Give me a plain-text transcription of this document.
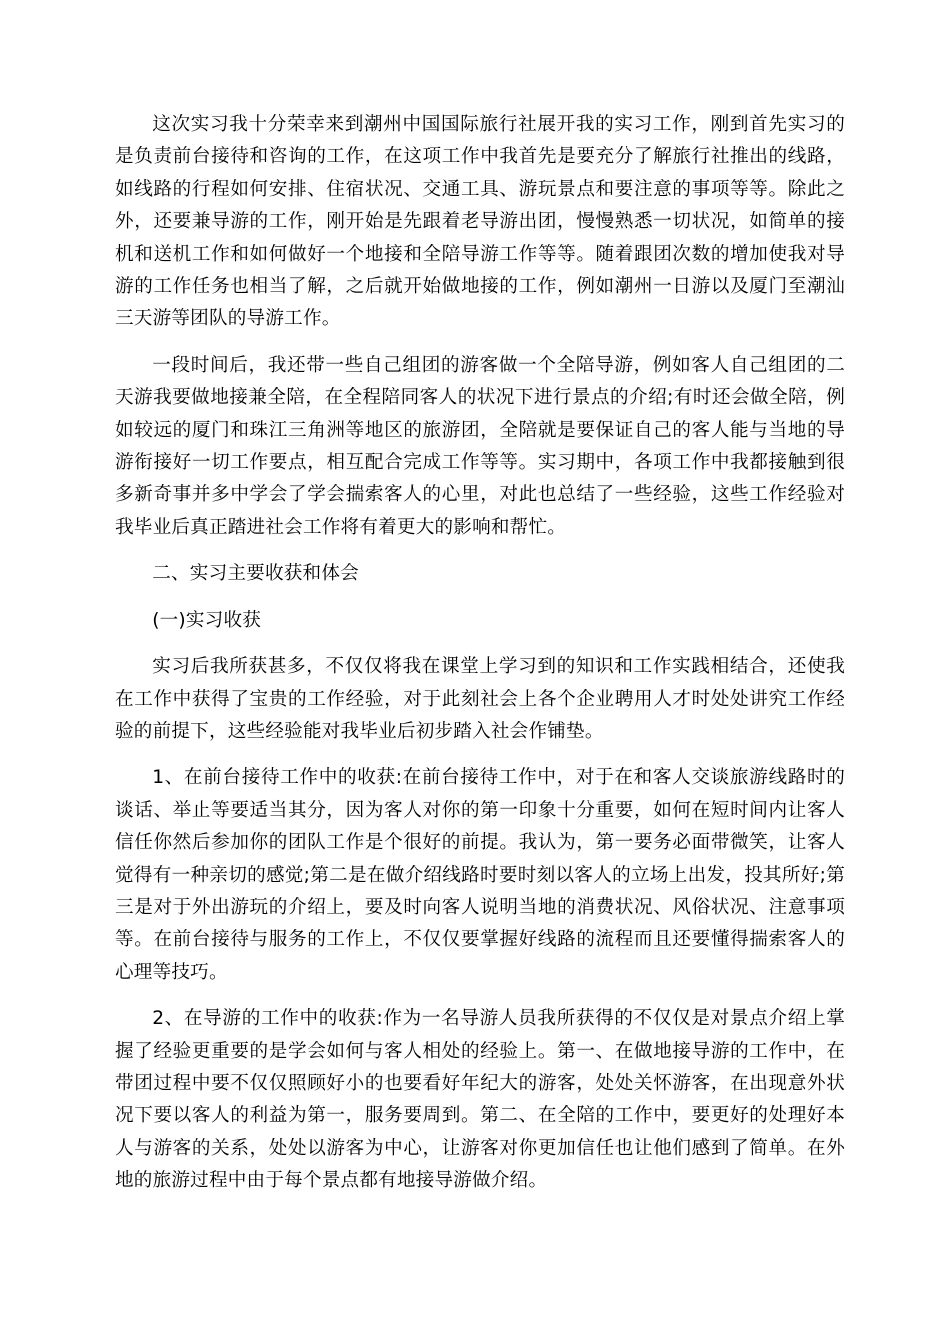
这次实习我十分荣幸来到潮州中国国际旅行社展开我的实习工作，刚到首先实习的是负责前台接待和咨询的工作，在这项工作中我首先是要充分了解旅行社推出的线路，如线路的行程如何安排、住宿状况、交通工具、游玩景点和要注意的事项等等。除此之外，还要兼导游的工作，刚开始是先跟着老导游出团，慢慢熟悉一切状况，如简单的接机和送机工作和如何做好一个地接和全陪导游工作等等。随着跟团次数的增加使我对导游的工作任务也相当了解，之后就开始做地接的工作，例如潮州一日游以及厦门至潮汕三天游等团队的导游工作。

一段时间后，我还带一些自己组团的游客做一个全陪导游，例如客人自己组团的二天游我要做地接兼全陪，在全程陪同客人的状况下进行景点的介绍;有时还会做全陪，例如较远的厦门和珠江三角洲等地区的旅游团，全陪就是要保证自己的客人能与当地的导游衔接好一切工作要点，相互配合完成工作等等。实习期中，各项工作中我都接触到很多新奇事并多中学会了学会揣索客人的心里，对此也总结了一些经验，这些工作经验对我毕业后真正踏进社会工作将有着更大的影响和帮忙。

二、实习主要收获和体会

(一)实习收获

实习后我所获甚多，不仅仅将我在课堂上学习到的知识和工作实践相结合，还使我在工作中获得了宝贵的工作经验，对于此刻社会上各个企业聘用人才时处处讲究工作经验的前提下，这些经验能对我毕业后初步踏入社会作铺垫。

1、在前台接待工作中的收获:在前台接待工作中，对于在和客人交谈旅游线路时的谈话、举止等要适当其分，因为客人对你的第一印象十分重要，如何在短时间内让客人信任你然后参加你的团队工作是个很好的前提。我认为，第一要务必面带微笑，让客人觉得有一种亲切的感觉;第二是在做介绍线路时要时刻以客人的立场上出发，投其所好;第三是对于外出游玩的介绍上，要及时向客人说明当地的消费状况、风俗状况、注意事项等。在前台接待与服务的工作上，不仅仅要掌握好线路的流程而且还要懂得揣索客人的心理等技巧。

2、在导游的工作中的收获:作为一名导游人员我所获得的不仅仅是对景点介绍上掌握了经验更重要的是学会如何与客人相处的经验上。第一、在做地接导游的工作中，在带团过程中要不仅仅照顾好小的也要看好年纪大的游客，处处关怀游客，在出现意外状况下要以客人的利益为第一，服务要周到。第二、在全陪的工作中，要更好的处理好本人与游客的关系，处处以游客为中心，让游客对你更加信任也让他们感到了简单。在外地的旅游过程中由于每个景点都有地接导游做介绍。
